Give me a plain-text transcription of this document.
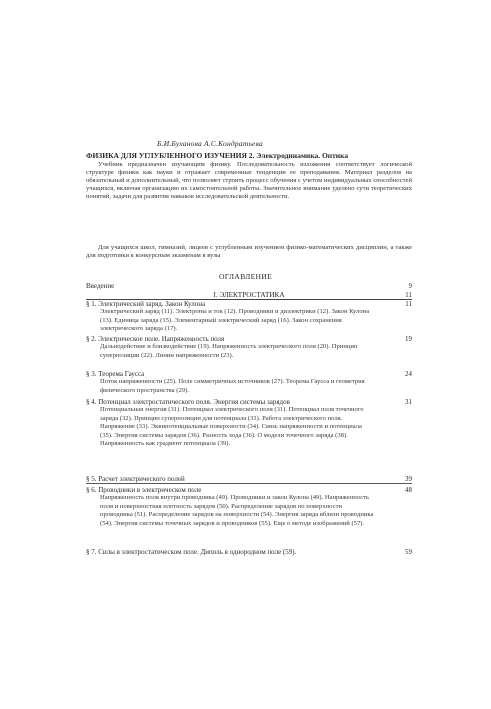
Б.И.Буханова А.С.Кондратьева
ФИЗИКА ДЛЯ УГЛУБЛЕННОГО ИЗУЧЕНИЯ 2. Электродинамика. Оптика
Учебник предназначен изучающим физику. Последовательность изложения соответствует логической структуре физики как науки и отражает современные тенденции ее преподавания. Материал разделов на обязательный и дополнительный, что позволяет строить процесс обучения с учетом индивидуальных способностей учащихся, включая организацию их самостоятельной работы. Значительное внимание уделено сути теоретических понятий, задачи для развития навыков исследовательской деятельности.
Для учащихся школ, гимназий, лицеев с углубленным изучением физико-математических дисциплин, а также для подготовки к конкурсным экзаменам в вузы
ОГЛАВЛЕНИЕ
Введение	9
I. ЭЛЕКТРОСТАТИКА	11
§ 1. Электрический заряд. Закон Кулона	11
Электрический заряд (11). Электроны и ток (12). Проводники и диэлектрики (12). Закон Кулона (13). Единица заряда (15). Элементарный электрический заряд (16). Закон сохранения электрического заряда (17).
§ 2. Электрическое поле. Напряженность поля	19
Дальнодействие и близкодействие (19). Напряженность электрического поля (20). Принцип суперпозиции (22). Линии напряженности (23).
§ 3. Теорема Гаусса	24
Поток напряженности (25). Поле симметричных источников (27). Теорема Гаусса и геометрия физического пространства (29).
§ 4. Потенциал электростатического поля. Энергия системы зарядов	31
Потенциальная энергия (31). Потенциал электрического поля (31). Потенциал поля точечного заряда (32). Принцип суперпозиции для потенциала (33). Работа электрического поля. Напряжение (33). Эквипотенциальные поверхности (34). Связь напряженности и потенциала (35). Энергия системы зарядов (36). Разность хода (36). О модели точечного заряда (38). Напряженность как градиент потенциала (39).
§ 5. Расчет электрического полей	39
§ 6. Проводники в электрическом поле	48
Напряженность поля внутри проводника (49). Проводники и закон Кулона (49). Напряженность поля и поверхностная плотность зарядов (50). Распределение зарядов по поверхности проводника (51). Распределение зарядов на поверхности (54). Энергия заряда вблизи проводника (54). Энергия системы точечных зарядов и проводников (55). Еще о методе изображений (57).
§ 7. Силы в электростатическом поле. Диполь в однородном поле (59).	59
